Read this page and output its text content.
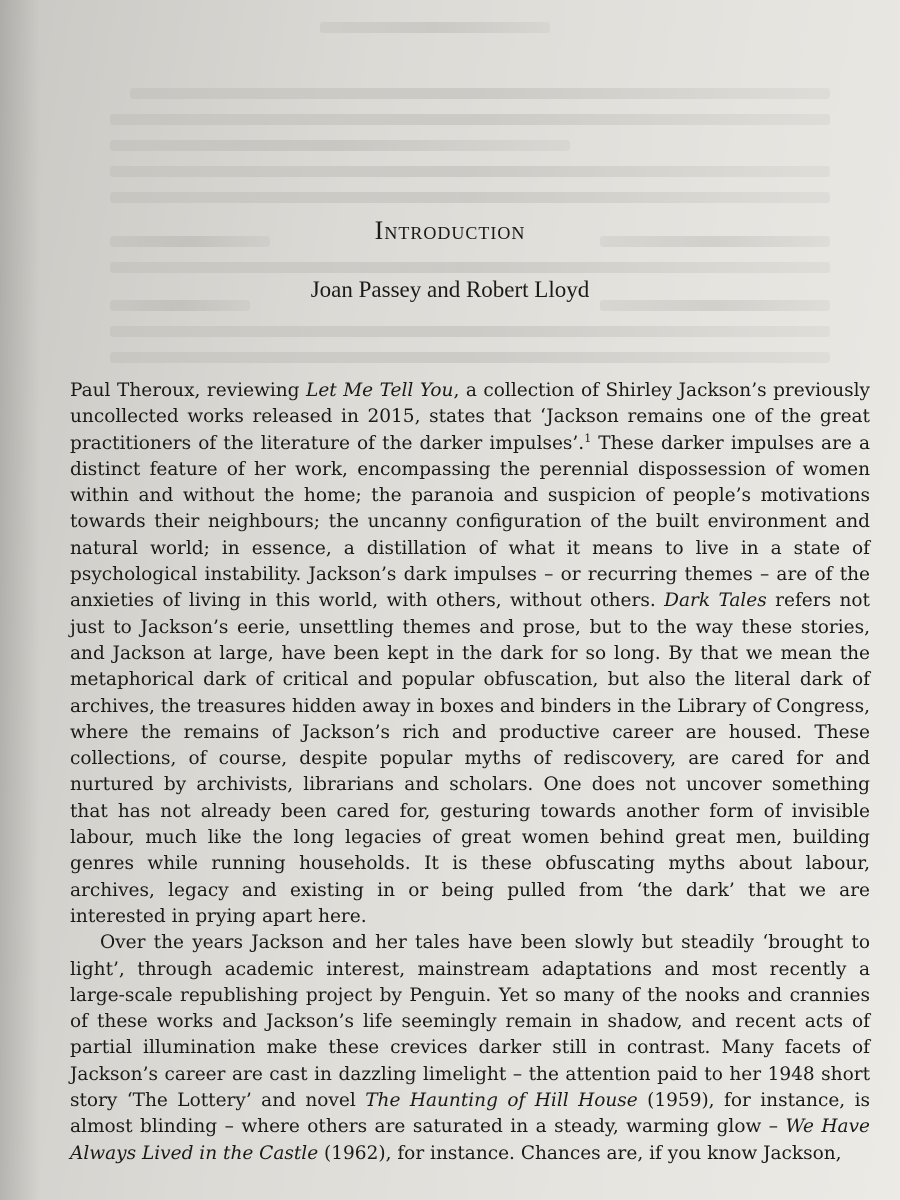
Introduction
Joan Passey and Robert Lloyd

Paul Theroux, reviewing Let Me Tell You, a collection of Shirley Jackson’s previously uncollected works released in 2015, states that ‘Jackson remains one of the great practitioners of the literature of the darker impulses’.$^1$ These darker impulses are a distinct feature of her work, encompassing the perennial dispossession of women within and without the home; the paranoia and suspicion of people’s motivations towards their neighbours; the uncanny configuration of the built environment and natural world; in essence, a distillation of what it means to live in a state of psychological instability. Jackson’s dark impulses – or recurring themes – are of the anxieties of living in this world, with others, without others. Dark Tales refers not just to Jackson’s eerie, unsettling themes and prose, but to the way these stories, and Jackson at large, have been kept in the dark for so long. By that we mean the metaphorical dark of critical and popular obfuscation, but also the literal dark of archives, the treasures hidden away in boxes and binders in the Library of Congress, where the remains of Jackson’s rich and productive career are housed. These collections, of course, despite popular myths of rediscovery, are cared for and nurtured by archivists, librarians and scholars. One does not uncover something that has not already been cared for, gesturing towards another form of invisible labour, much like the long legacies of great women behind great men, building genres while running households. It is these obfuscating myths about labour, archives, legacy and existing in or being pulled from ‘the dark’ that we are interested in prying apart here.

Over the years Jackson and her tales have been slowly but steadily ‘brought to light’, through academic interest, mainstream adaptations and most recently a large-scale republishing project by Penguin. Yet so many of the nooks and crannies of these works and Jackson’s life seemingly remain in shadow, and recent acts of partial illumination make these crevices darker still in contrast. Many facets of Jackson’s career are cast in dazzling limelight – the attention paid to her 1948 short story ‘The Lottery’ and novel The Haunting of Hill House (1959), for instance, is almost blinding – where others are saturated in a steady, warming glow – We Have Always Lived in the Castle (1962), for instance. Chances are, if you know Jackson,
